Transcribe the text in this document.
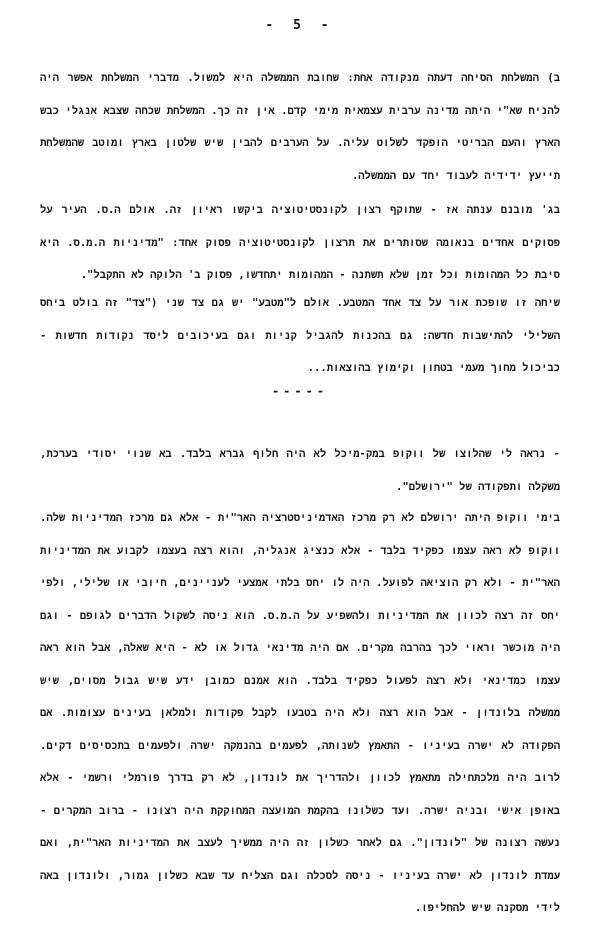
- 5 -

ב) המשלחת הסיחה דעתה מנקודה אחת: שחובת הממשלה היא למשול. מדברי המשלחת אפשר היה להניח שא"י היתה מדינה ערבית עצמאית מימי קדם. אין זה כך. המשלחת שכחה שצבא אנגלי כבש הארץ והעם הבריטי הופקד לשלוט עליה. על הערבים להבין שיש שלטון בארץ ומוטב שהמשלחת תייעץ ידידיה לעבוד יחד עם הממשלה.

בג' מובנם ענתה אז - שתוקף רצון לקונסטיטוציה ביקשו ראיון זה. אולם ה.ס. העיר על פסוקים אחדים בנאומה שסותרים את תרצון לקונסטיטוציה פסוק אחד: "מדיניות ה.מ.ס. היא סיבת כל המהומות וכל זמן שלא תשתנה - המהומות יתחדשו, פסוק ב' הלוקה לא התקבל".

שיחה זו שופכת אור על צד אחד המטבע. אולם ל"מטבע" יש גם צד שני ("צד" זה בולט ביחס השלילי להתישבות חדשה: גם בהכנות להגביל קניות וגם בעיכובים ליסד נקודות חדשות - כביכול מחוך מעמי בטחון וקימוץ בהוצאות...

-----

- נראה לי שהלוצו של ווקופ במק-מיכל לא היה חלוף גברא בלבד. בא שנוי יסודי בערכת, משקלה ותפקודה של "ירושלם".

בימי ווקופ היתה ירושלם לא רק מרכז האדמיניסטרציה האר"ית - אלא גם מרכז המדיניות שלה. ווקופ לא ראה עצמו כפקיד בלבד - אלא כנציג אנגליה, והוא רצה בעצמו לקבוע את המדיניות האר"ית - ולא רק הוציאה לפועל. היה לו יחס בלתי אמצעי לעניינים, חיובי או שלילי, ולפי יחס זה רצה לכוון את המדיניות ולהשפיע על ה.מ.ס. הוא ניסה לשקול הדברים לגופם - וגם היה מוכשר וראוי לכך בהרבה מקרים. אם היה מדינאי גדול או לא - היא שאלה, אבל הוא ראה עצמו כמדינאי ולא רצה לפעול כפקיד בלבד. הוא אמנם כמובן ידע שיש גבול מסוים, שיש ממשלה בלונדון - אבל הוא רצה ולא היה בטבעו לקבל פקודות ולמלאן בעינים עצומות. אם הפקודה לא ישרה בעיניו - התאמץ לשנותה, לפעמים בהנמקה ישרה ולפעמים בתכסיסים דקים. לרוב היה מלכתחילה מתאמץ לכוון ולהדריך את לונדון, לא רק בדרך פורמלי ורשמי - אלא באופן אישי ובניה ישרה. ועד כשלונו בהקמת המועצה המחוקקת היה רצונו - ברוב המקרים - נעשה רצונה של "לונדון". גם לאחר כשלון זה היה ממשיך לעצב את המדיניות האר"ית, ואם עמדת לונדון לא ישרה בעיניו - ניסה לסכלה וגם הצליח עד שבא כשלון גמור, ולונדון באה לידי מסקנה שיש להחליפו.
